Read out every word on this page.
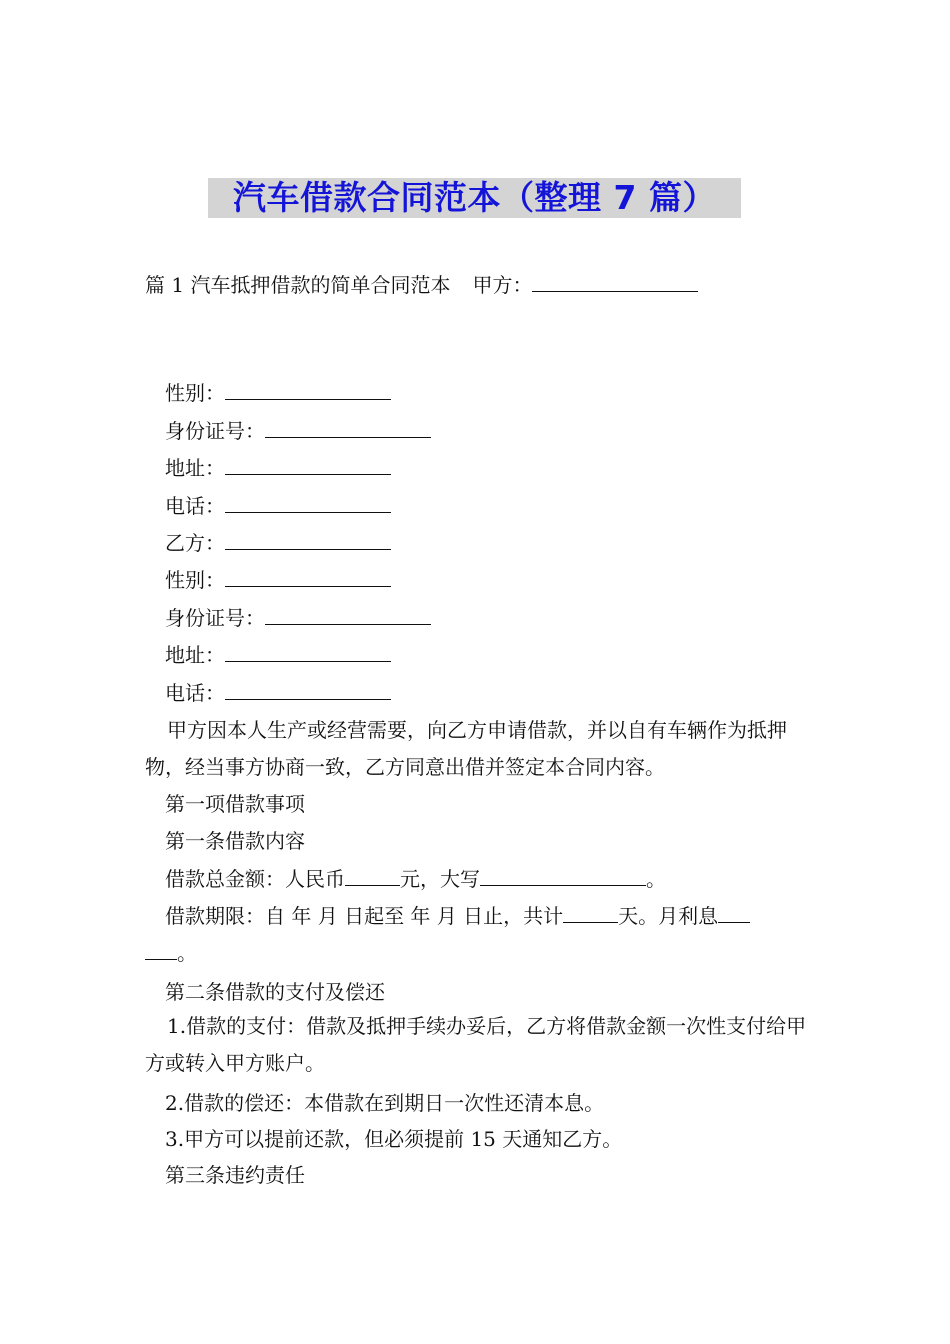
汽车借款合同范本（整理 7 篇）
篇 1 汽车抵押借款的简单合同范本 甲方：
性别：
身份证号：
地址：
电话：
乙方：
性别：
身份证号：
地址：
电话：
甲方因本人生产或经营需要，向乙方申请借款，并以自有车辆作为抵押物，经当事方协商一致，乙方同意出借并签定本合同内容。
第一项借款事项
第一条借款内容
借款总金额：人民币	元，大写	。
借款期限：自 年 月 日起至 年 月 日止，共计	天。月利息
。
第二条借款的支付及偿还
1.借款的支付：借款及抵押手续办妥后，乙方将借款金额一次性支付给甲方或转入甲方账户。
2.借款的偿还：本借款在到期日一次性还清本息。
3.甲方可以提前还款，但必须提前 15 天通知乙方。
第三条违约责任
